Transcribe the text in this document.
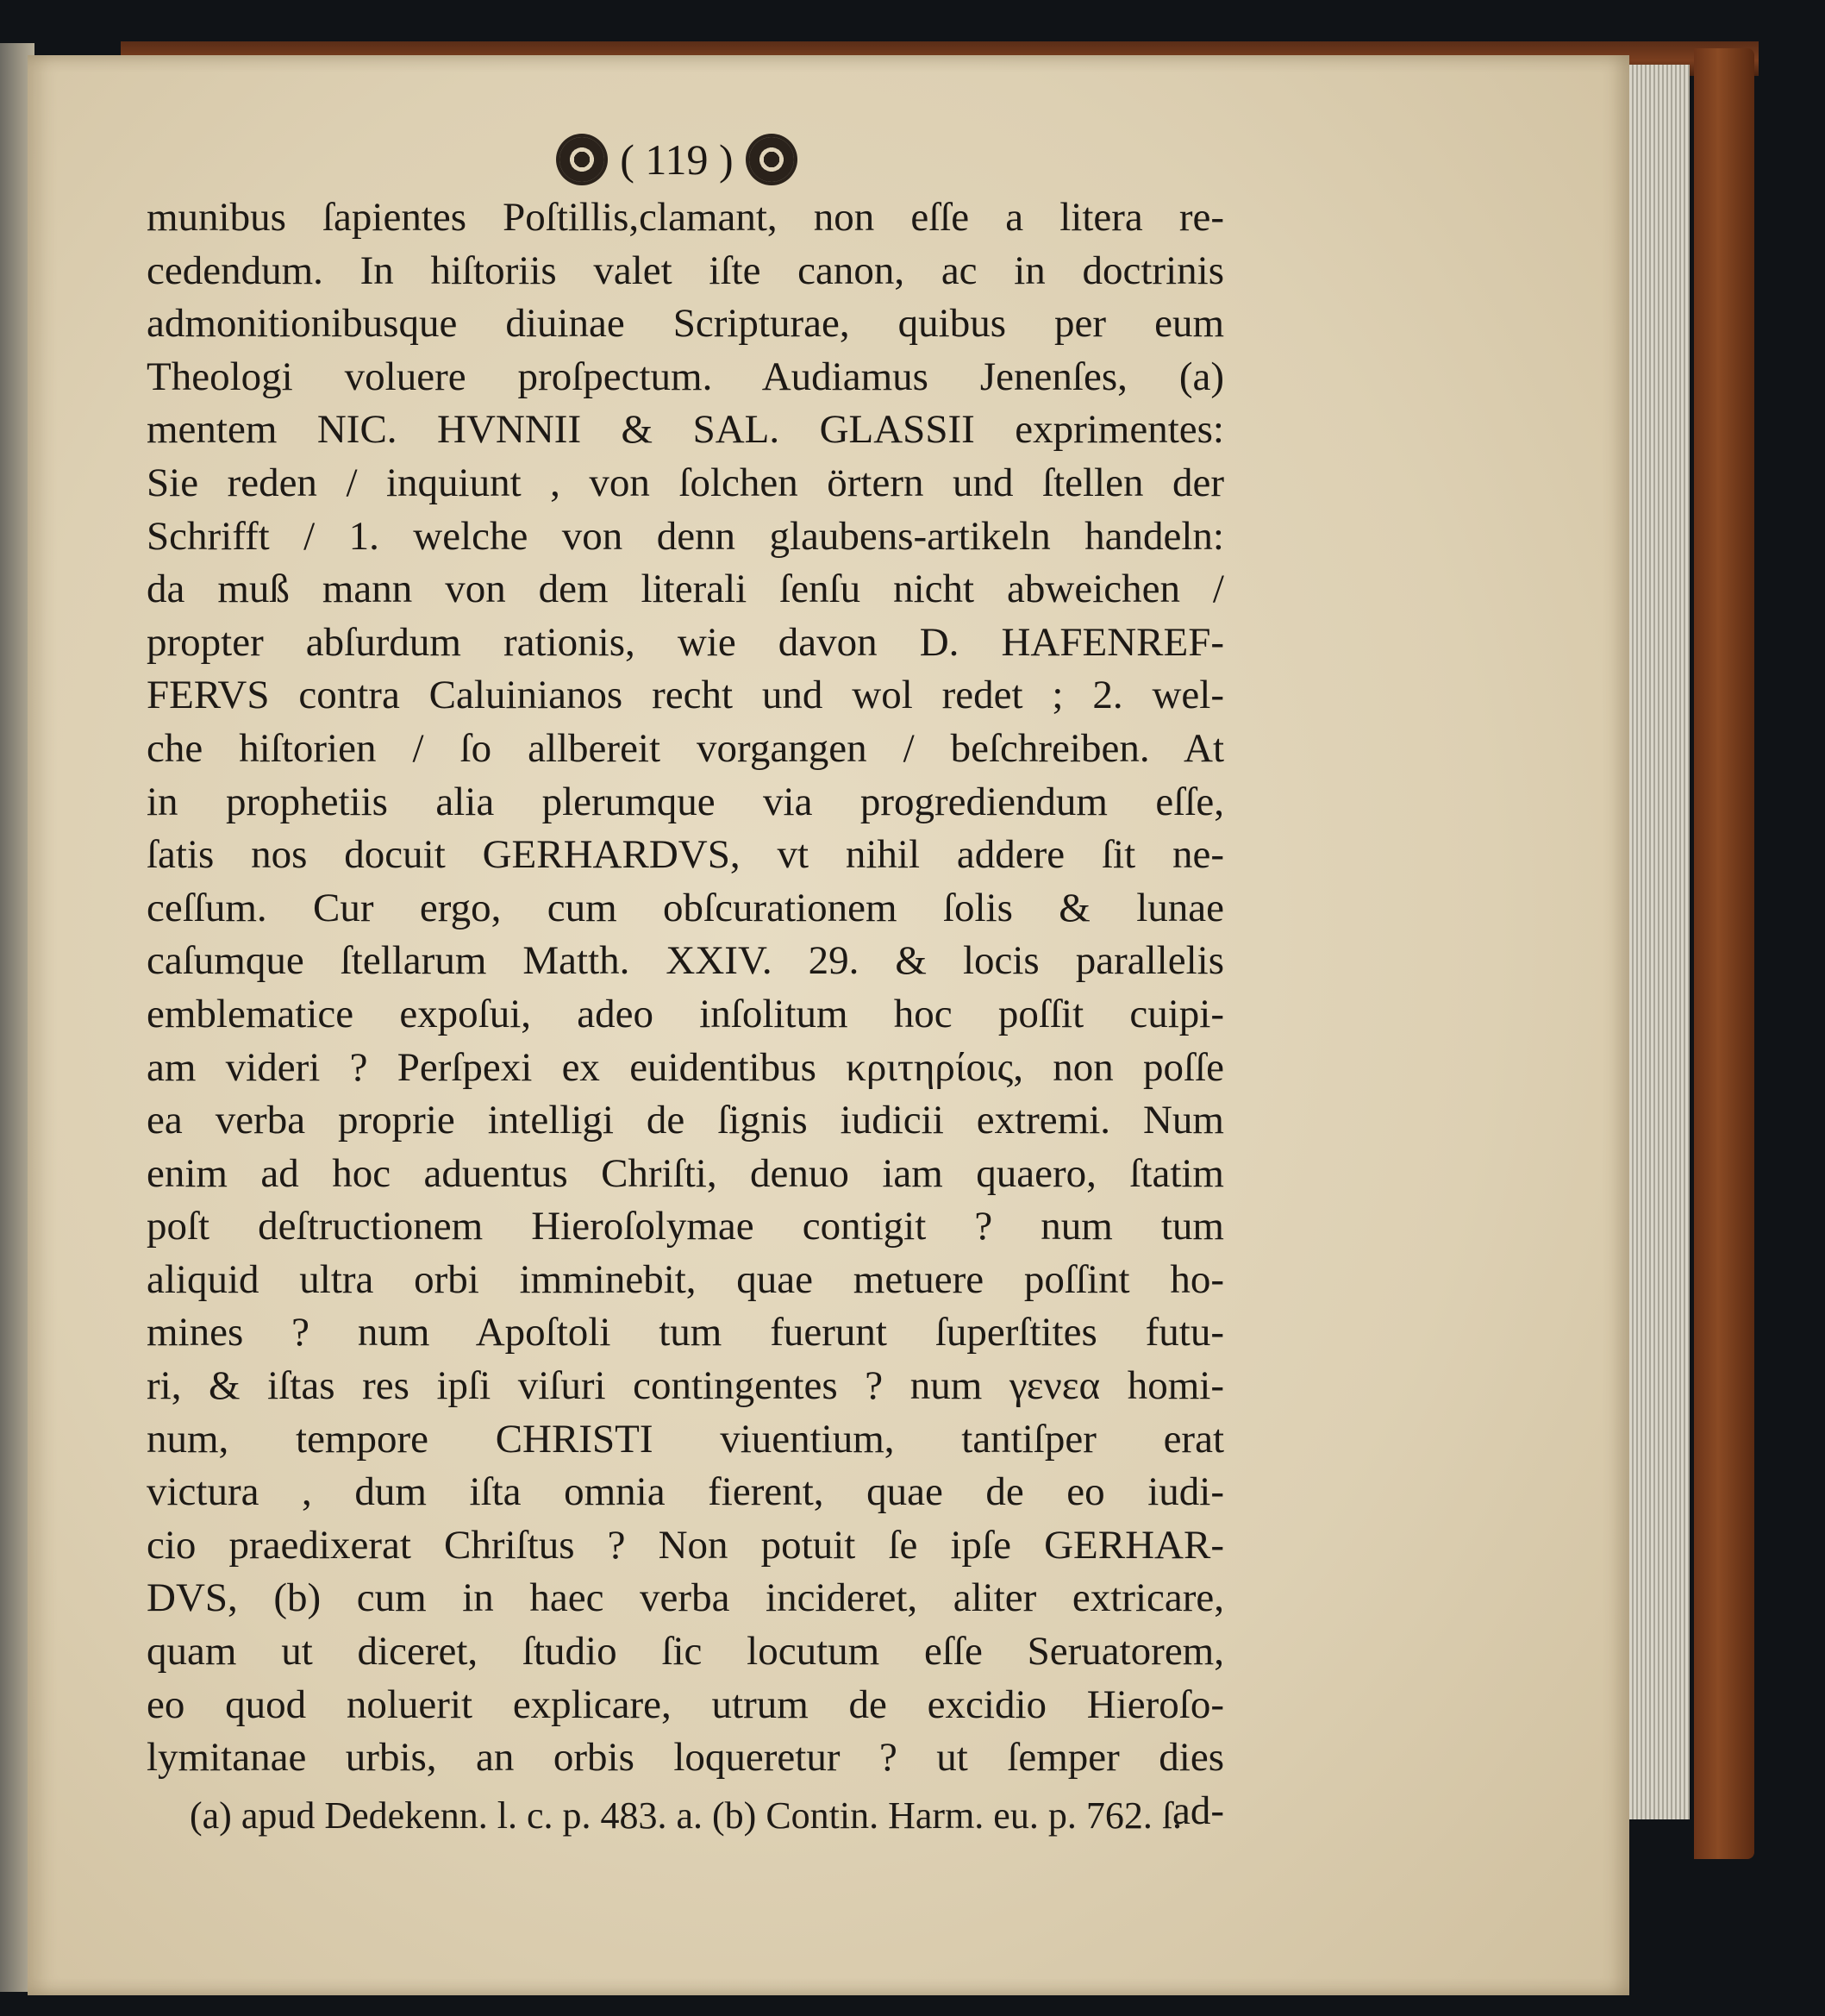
( 119 )
munibus ſapientes Poſtillis,clamant, non eſſe a litera re-
cedendum. In hiſtoriis valet iſte canon, ac in doctrinis
admonitionibusque diuinae Scripturae, quibus per eum
Theologi voluere proſpectum. Audiamus Jenenſes, (a)
mentem NIC. HVNNII & SAL. GLASSII exprimentes:
Sie reden / inquiunt , von ſolchen örtern und ſtellen der
Schrifft / 1. welche von denn glaubens-artikeln handeln:
da muß mann von dem literali ſenſu nicht abweichen /
propter abſurdum rationis, wie davon D. HAFENREF-
FERVS contra Caluinianos recht und wol redet ; 2. wel-
che hiſtorien / ſo allbereit vorgangen / beſchreiben. At
in prophetiis alia plerumque via progrediendum eſſe,
ſatis nos docuit GERHARDVS, vt nihil addere ſit ne-
ceſſum. Cur ergo, cum obſcurationem ſolis & lunae
caſumque ſtellarum Matth. XXIV. 29. & locis parallelis
emblematice expoſui, adeo inſolitum hoc poſſit cuipi-
am videri ? Perſpexi ex euidentibus κριτηρίοις, non poſſe
ea verba proprie intelligi de ſignis iudicii extremi. Num
enim ad hoc aduentus Chriſti, denuo iam quaero, ſtatim
poſt deſtructionem Hieroſolymae contigit ? num tum
aliquid ultra orbi imminebit, quae metuere poſſint ho-
mines ? num Apoſtoli tum fuerunt ſuperſtites futu-
ri, & iſtas res ipſi viſuri contingentes ? num γενεα homi-
num, tempore CHRISTI viuentium, tantiſper erat
victura , dum iſta omnia fierent, quae de eo iudi-
cio praedixerat Chriſtus ? Non potuit ſe ipſe GERHAR-
DVS, (b) cum in haec verba incideret, aliter extricare,
quam ut diceret, ſtudio ſic locutum eſſe Seruatorem,
eo quod noluerit explicare, utrum de excidio Hieroſo-
lymitanae urbis, an orbis loqueretur ? ut ſemper dies
ad-
(a) apud Dedekenn. l. c. p. 483. a. (b) Contin. Harm. eu. p. 762. ſ.
